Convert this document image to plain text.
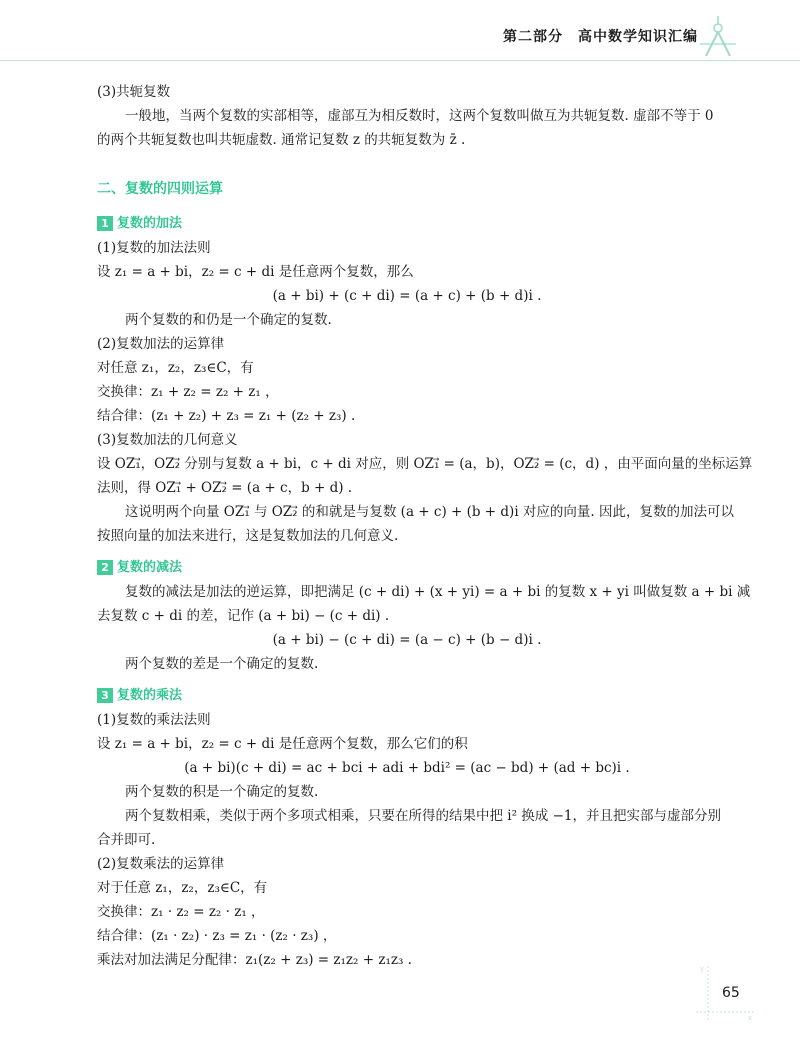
第二部分　高中数学知识汇编
(3)共轭复数
一般地，当两个复数的实部相等，虚部互为相反数时，这两个复数叫做互为共轭复数. 虚部不等于 0
的两个共轭复数也叫共轭虚数. 通常记复数 z 的共轭复数为 z̄ .
二、复数的四则运算
1 复数的加法
(1)复数的加法法则
设 z₁ = a + bi，z₂ = c + di 是任意两个复数，那么
(a + bi) + (c + di) = (a + c) + (b + d)i .
两个复数的和仍是一个确定的复数.
(2)复数加法的运算律
对任意 z₁，z₂，z₃∈C，有
交换律：z₁ + z₂ = z₂ + z₁ ，
结合律：(z₁ + z₂) + z₃ = z₁ + (z₂ + z₃) .
(3)复数加法的几何意义
设 OZ₁⃗，OZ₂⃗ 分别与复数 a + bi，c + di 对应，则 OZ₁⃗ = (a，b)，OZ₂⃗ = (c，d) ，由平面向量的坐标运算
法则，得 OZ₁⃗ + OZ₂⃗ = (a + c，b + d) .
这说明两个向量 OZ₁⃗ 与 OZ₂⃗ 的和就是与复数 (a + c) + (b + d)i 对应的向量. 因此，复数的加法可以
按照向量的加法来进行，这是复数加法的几何意义.
2 复数的减法
复数的减法是加法的逆运算，即把满足 (c + di) + (x + yi) = a + bi 的复数 x + yi 叫做复数 a + bi 减
去复数 c + di 的差，记作 (a + bi) − (c + di) .
(a + bi) − (c + di) = (a − c) + (b − d)i .
两个复数的差是一个确定的复数.
3 复数的乘法
(1)复数的乘法法则
设 z₁ = a + bi，z₂ = c + di 是任意两个复数，那么它们的积
(a + bi)(c + di) = ac + bci + adi + bdi² = (ac − bd) + (ad + bc)i .
两个复数的积是一个确定的复数.
两个复数相乘，类似于两个多项式相乘，只要在所得的结果中把 i² 换成 −1，并且把实部与虚部分别
合并即可.
(2)复数乘法的运算律
对于任意 z₁，z₂，z₃∈C，有
交换律：z₁ · z₂ = z₂ · z₁ ，
结合律：(z₁ · z₂) · z₃ = z₁ · (z₂ · z₃) ，
乘法对加法满足分配律：z₁(z₂ + z₃) = z₁z₂ + z₁z₃ .
y
x
65
